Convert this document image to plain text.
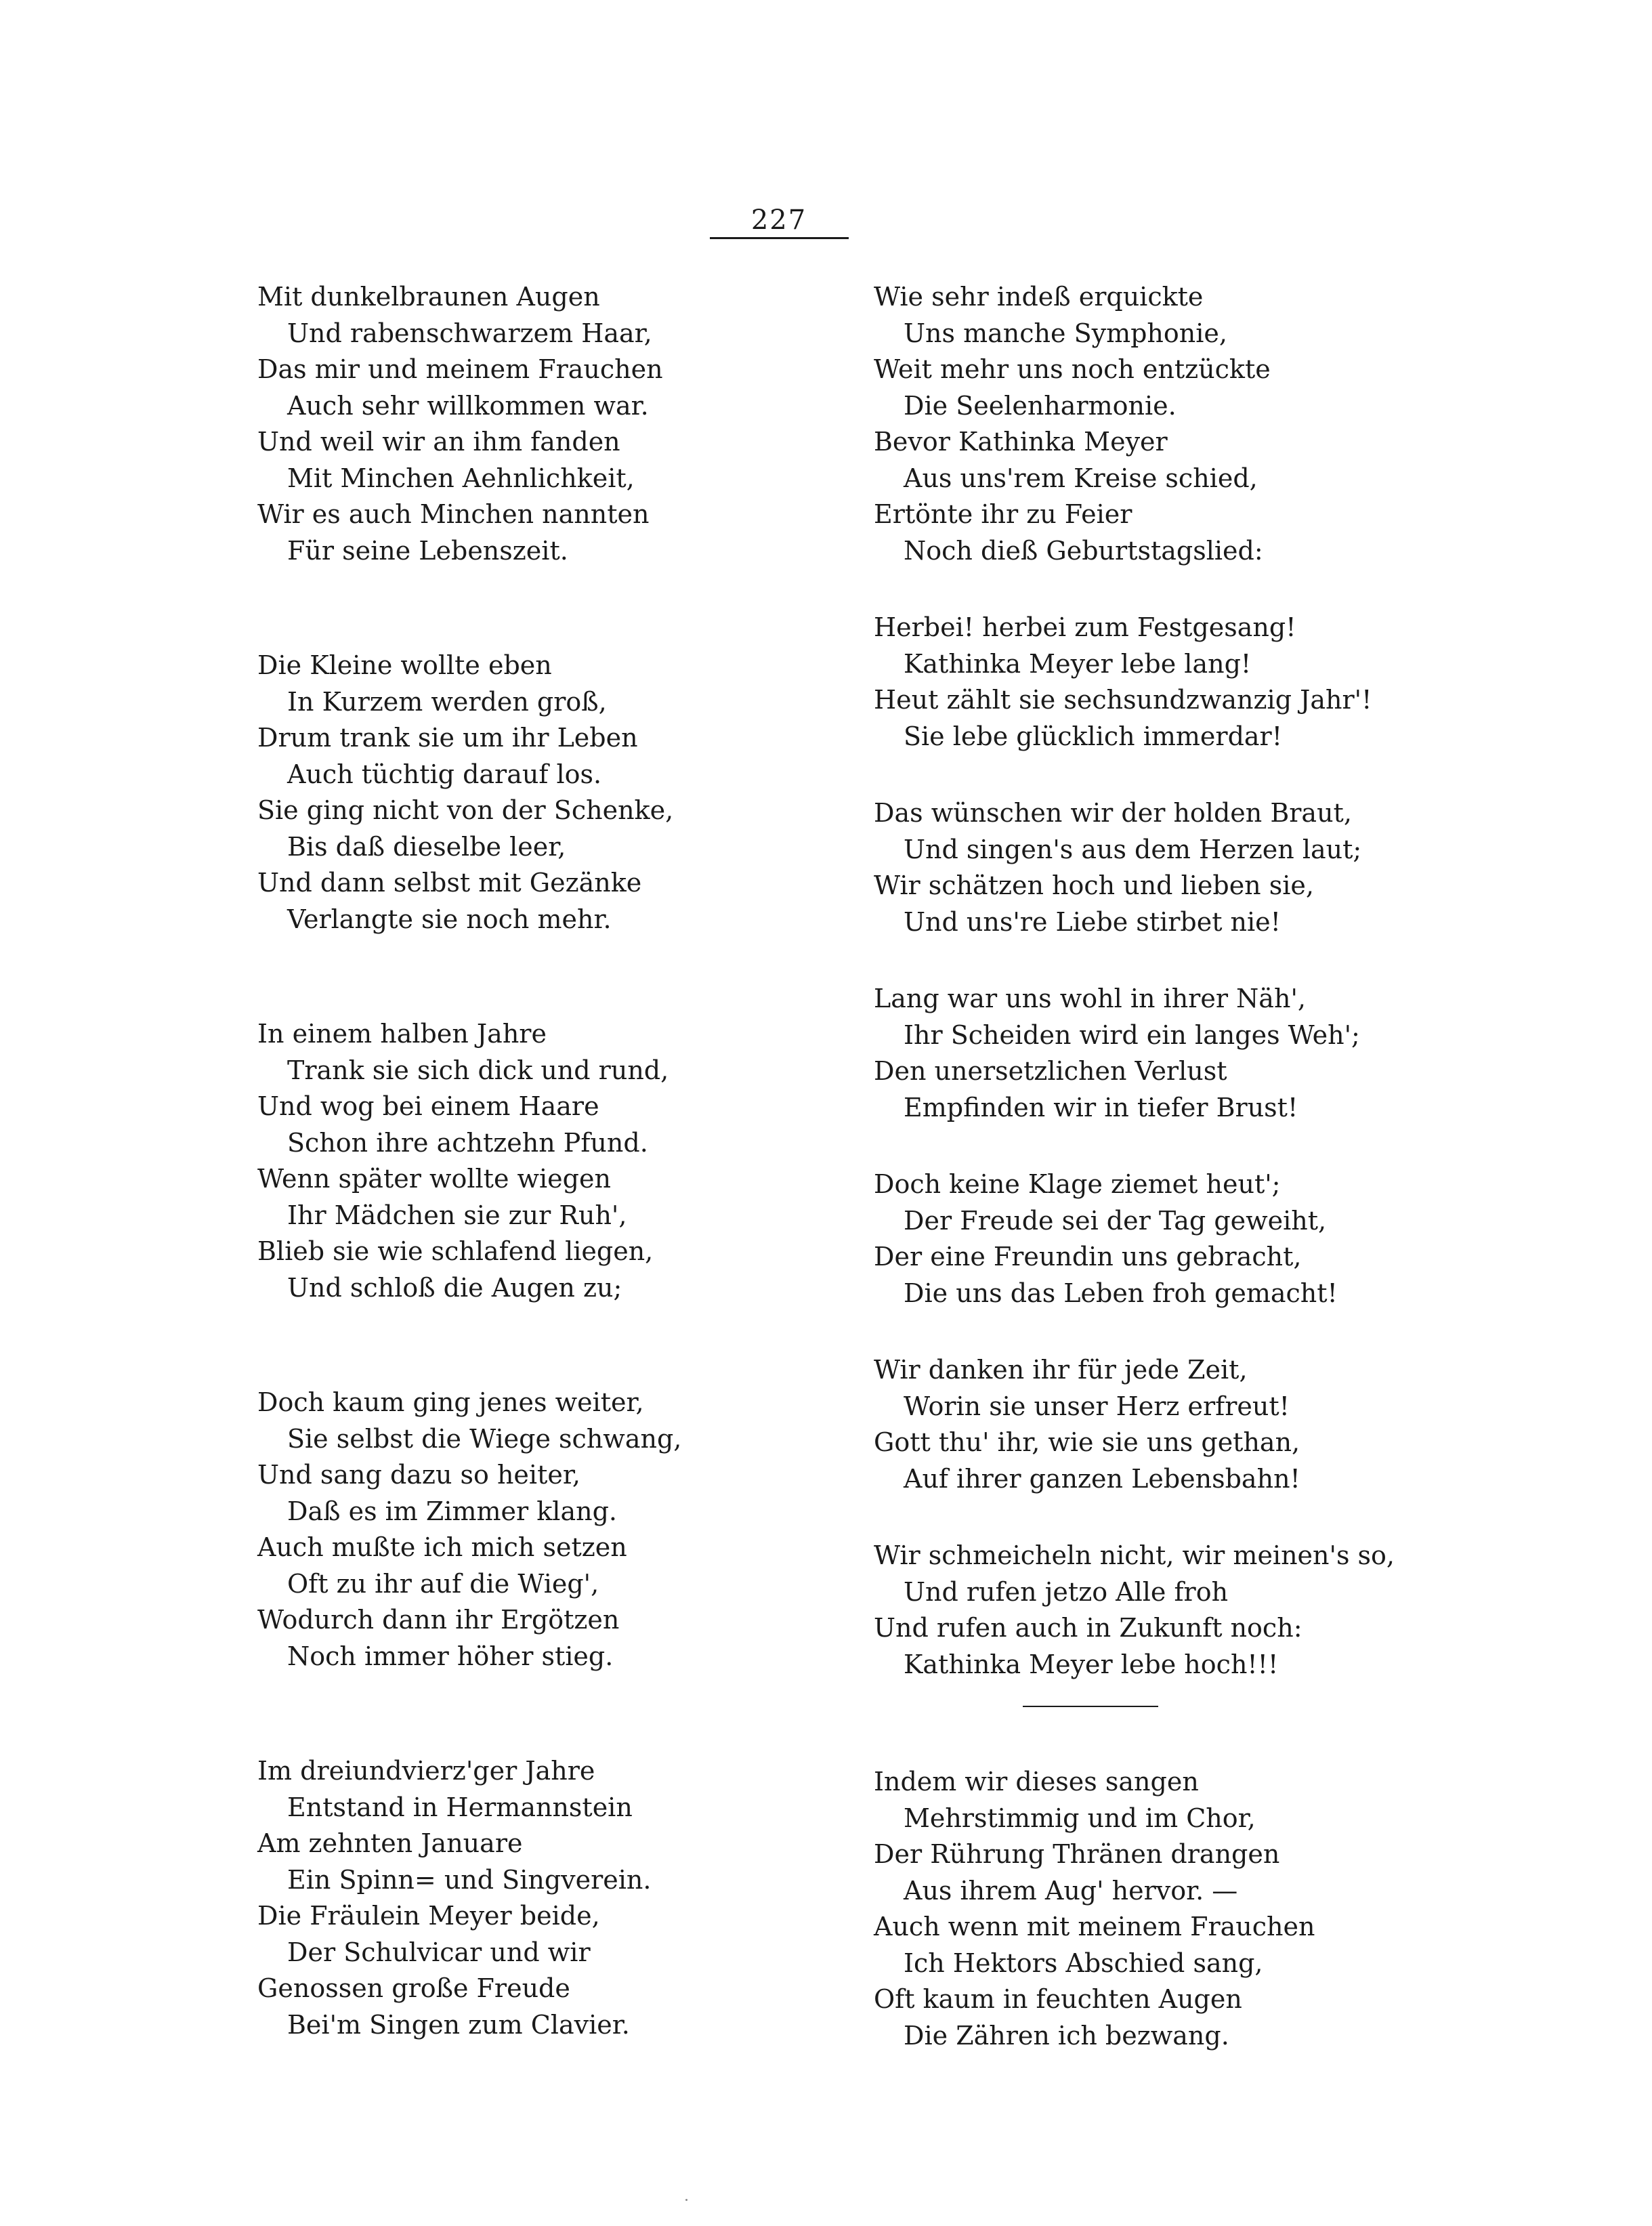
227
Mit dunkelbraunen Augen
Und rabenschwarzem Haar,
Das mir und meinem Frauchen
Auch sehr willkommen war.
Und weil wir an ihm fanden
Mit Minchen Aehnlichkeit,
Wir es auch Minchen nannten
Für seine Lebenszeit.
Die Kleine wollte eben
In Kurzem werden groß,
Drum trank sie um ihr Leben
Auch tüchtig darauf los.
Sie ging nicht von der Schenke,
Bis daß dieselbe leer,
Und dann selbst mit Gezänke
Verlangte sie noch mehr.
In einem halben Jahre
Trank sie sich dick und rund,
Und wog bei einem Haare
Schon ihre achtzehn Pfund.
Wenn später wollte wiegen
Ihr Mädchen sie zur Ruh',
Blieb sie wie schlafend liegen,
Und schloß die Augen zu;
Doch kaum ging jenes weiter,
Sie selbst die Wiege schwang,
Und sang dazu so heiter,
Daß es im Zimmer klang.
Auch mußte ich mich setzen
Oft zu ihr auf die Wieg',
Wodurch dann ihr Ergötzen
Noch immer höher stieg.
Im dreiundvierz'ger Jahre
Entstand in Hermannstein
Am zehnten Januare
Ein Spinn= und Singverein.
Die Fräulein Meyer beide,
Der Schulvicar und wir
Genossen große Freude
Bei'm Singen zum Clavier.
Wie sehr indeß erquickte
Uns manche Symphonie,
Weit mehr uns noch entzückte
Die Seelenharmonie.
Bevor Kathinka Meyer
Aus uns'rem Kreise schied,
Ertönte ihr zu Feier
Noch dieß Geburtstagslied:
Herbei! herbei zum Festgesang!
Kathinka Meyer lebe lang!
Heut zählt sie sechsundzwanzig Jahr'!
Sie lebe glücklich immerdar!
Das wünschen wir der holden Braut,
Und singen's aus dem Herzen laut;
Wir schätzen hoch und lieben sie,
Und uns're Liebe stirbet nie!
Lang war uns wohl in ihrer Näh',
Ihr Scheiden wird ein langes Weh';
Den unersetzlichen Verlust
Empfinden wir in tiefer Brust!
Doch keine Klage ziemet heut';
Der Freude sei der Tag geweiht,
Der eine Freundin uns gebracht,
Die uns das Leben froh gemacht!
Wir danken ihr für jede Zeit,
Worin sie unser Herz erfreut!
Gott thu' ihr, wie sie uns gethan,
Auf ihrer ganzen Lebensbahn!
Wir schmeicheln nicht, wir meinen's so,
Und rufen jetzo Alle froh
Und rufen auch in Zukunft noch:
Kathinka Meyer lebe hoch!!!
Indem wir dieses sangen
Mehrstimmig und im Chor,
Der Rührung Thränen drangen
Aus ihrem Aug' hervor. —
Auch wenn mit meinem Frauchen
Ich Hektors Abschied sang,
Oft kaum in feuchten Augen
Die Zähren ich bezwang.
